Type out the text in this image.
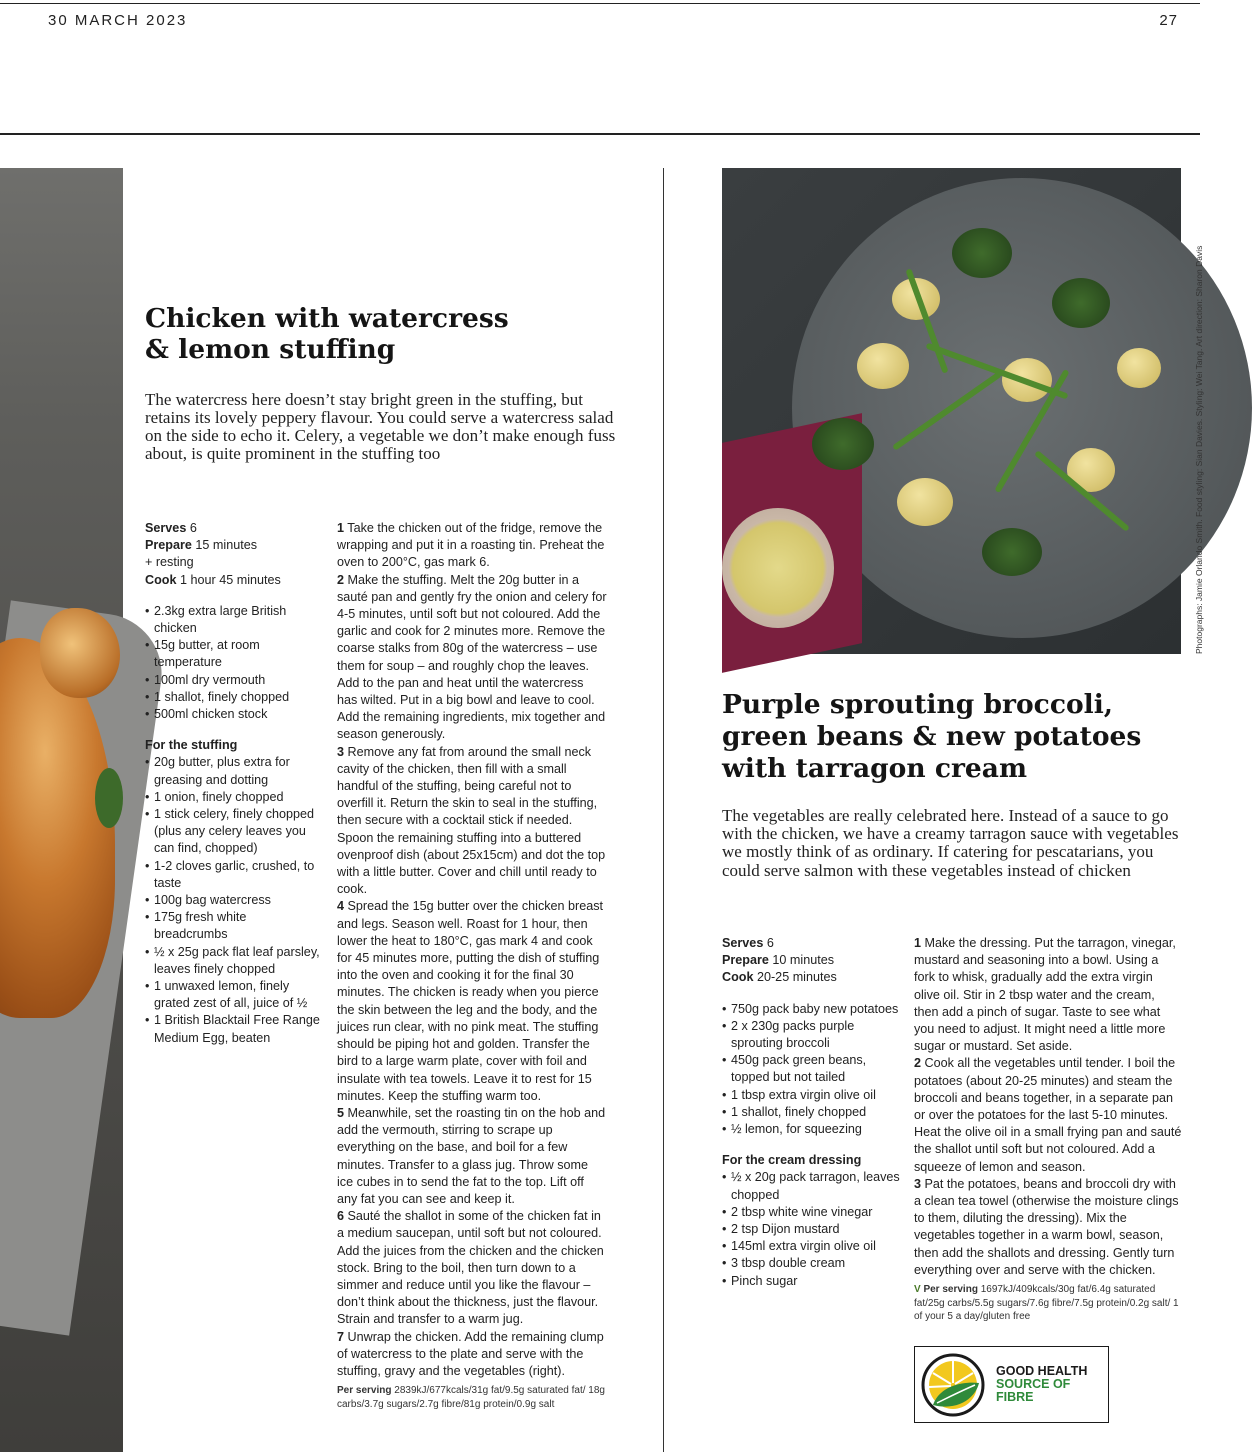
30 MARCH 2023	27
Chicken with watercress
& lemon stuffing

The watercress here doesn’t stay bright green in the stuffing, but retains its lovely peppery flavour. You could serve a watercress salad on the side to echo it. Celery, a vegetable we don’t make enough fuss about, is quite prominent in the stuffing too

Serves 6
Prepare 15 minutes
+ resting
Cook 1 hour 45 minutes
• 2.3kg extra large British chicken
• 15g butter, at room temperature
• 100ml dry vermouth
• 1 shallot, finely chopped
• 500ml chicken stock
For the stuffing
• 20g butter, plus extra for greasing and dotting
• 1 onion, finely chopped
• 1 stick celery, finely chopped (plus any celery leaves you can find, chopped)
• 1-2 cloves garlic, crushed, to taste
• 100g bag watercress
• 175g fresh white breadcrumbs
• ½ x 25g pack flat leaf parsley, leaves finely chopped
• 1 unwaxed lemon, finely grated zest of all, juice of ½
• 1 British Blacktail Free Range Medium Egg, beaten

1 Take the chicken out of the fridge, remove the wrapping and put it in a roasting tin. Preheat the oven to 200°C, gas mark 6.

2 Make the stuffing. Melt the 20g butter in a sauté pan and gently fry the onion and celery for 4-5 minutes, until soft but not coloured. Add the garlic and cook for 2 minutes more. Remove the coarse stalks from 80g of the watercress – use them for soup – and roughly chop the leaves. Add to the pan and heat until the watercress has wilted. Put in a big bowl and leave to cool. Add the remaining ingredients, mix together and season generously.

3 Remove any fat from around the small neck cavity of the chicken, then fill with a small handful of the stuffing, being careful not to overfill it. Return the skin to seal in the stuffing, then secure with a cocktail stick if needed. Spoon the remaining stuffing into a buttered ovenproof dish (about 25x15cm) and dot the top with a little butter. Cover and chill until ready to cook.

4 Spread the 15g butter over the chicken breast and legs. Season well. Roast for 1 hour, then lower the heat to 180°C, gas mark 4 and cook for 45 minutes more, putting the dish of stuffing into the oven and cooking it for the final 30 minutes. The chicken is ready when you pierce the skin between the leg and the body, and the juices run clear, with no pink meat. The stuffing should be piping hot and golden. Transfer the bird to a large warm plate, cover with foil and insulate with tea towels. Leave it to rest for 15 minutes. Keep the stuffing warm too.

5 Meanwhile, set the roasting tin on the hob and add the vermouth, stirring to scrape up everything on the base, and boil for a few minutes. Transfer to a glass jug. Throw some ice cubes in to send the fat to the top. Lift off any fat you can see and keep it.

6 Sauté the shallot in some of the chicken fat in a medium saucepan, until soft but not coloured. Add the juices from the chicken and the chicken stock. Bring to the boil, then turn down to a simmer and reduce until you like the flavour – don’t think about the thickness, just the flavour. Strain and transfer to a warm jug.

7 Unwrap the chicken. Add the remaining clump of watercress to the plate and serve with the stuffing, gravy and the vegetables (right).

Per serving 2839kJ/677kcals/31g fat/9.5g saturated fat/ 18g carbs/3.7g sugars/2.7g fibre/81g protein/0.9g salt

Photographs: Jamie Orlando Smith. Food styling: Sian Davies. Styling: Wei Tang. Art direction: Sharon Davis
Purple sprouting broccoli,
green beans & new potatoes
with tarragon cream

The vegetables are really celebrated here. Instead of a sauce to go with the chicken, we have a creamy tarragon sauce with vegetables we mostly think of as ordinary. If catering for pescatarians, you could serve salmon with these vegetables instead of chicken

Serves 6
Prepare 10 minutes
Cook 20-25 minutes
• 750g pack baby new potatoes
• 2 x 230g packs purple sprouting broccoli
• 450g pack green beans, topped but not tailed
• 1 tbsp extra virgin olive oil
• 1 shallot, finely chopped
• ½ lemon, for squeezing
For the cream dressing
• ½ x 20g pack tarragon, leaves chopped
• 2 tbsp white wine vinegar
• 2 tsp Dijon mustard
• 145ml extra virgin olive oil
• 3 tbsp double cream
• Pinch sugar

1 Make the dressing. Put the tarragon, vinegar, mustard and seasoning into a bowl. Using a fork to whisk, gradually add the extra virgin olive oil. Stir in 2 tbsp water and the cream, then add a pinch of sugar. Taste to see what you need to adjust. It might need a little more sugar or mustard. Set aside.

2 Cook all the vegetables until tender. I boil the potatoes (about 20-25 minutes) and steam the broccoli and beans together, in a separate pan or over the potatoes for the last 5-10 minutes. Heat the olive oil in a small frying pan and sauté the shallot until soft but not coloured. Add a squeeze of lemon and season.

3 Pat the potatoes, beans and broccoli dry with a clean tea towel (otherwise the moisture clings to them, diluting the dressing). Mix the vegetables together in a warm bowl, season, then add the shallots and dressing. Gently turn everything over and serve with the chicken.

V Per serving 1697kJ/409kcals/30g fat/6.4g saturated fat/25g carbs/5.5g sugars/7.6g fibre/7.5g protein/0.2g salt/ 1 of your 5 a day/gluten free

GOOD HEALTH
SOURCE OF
FIBRE
